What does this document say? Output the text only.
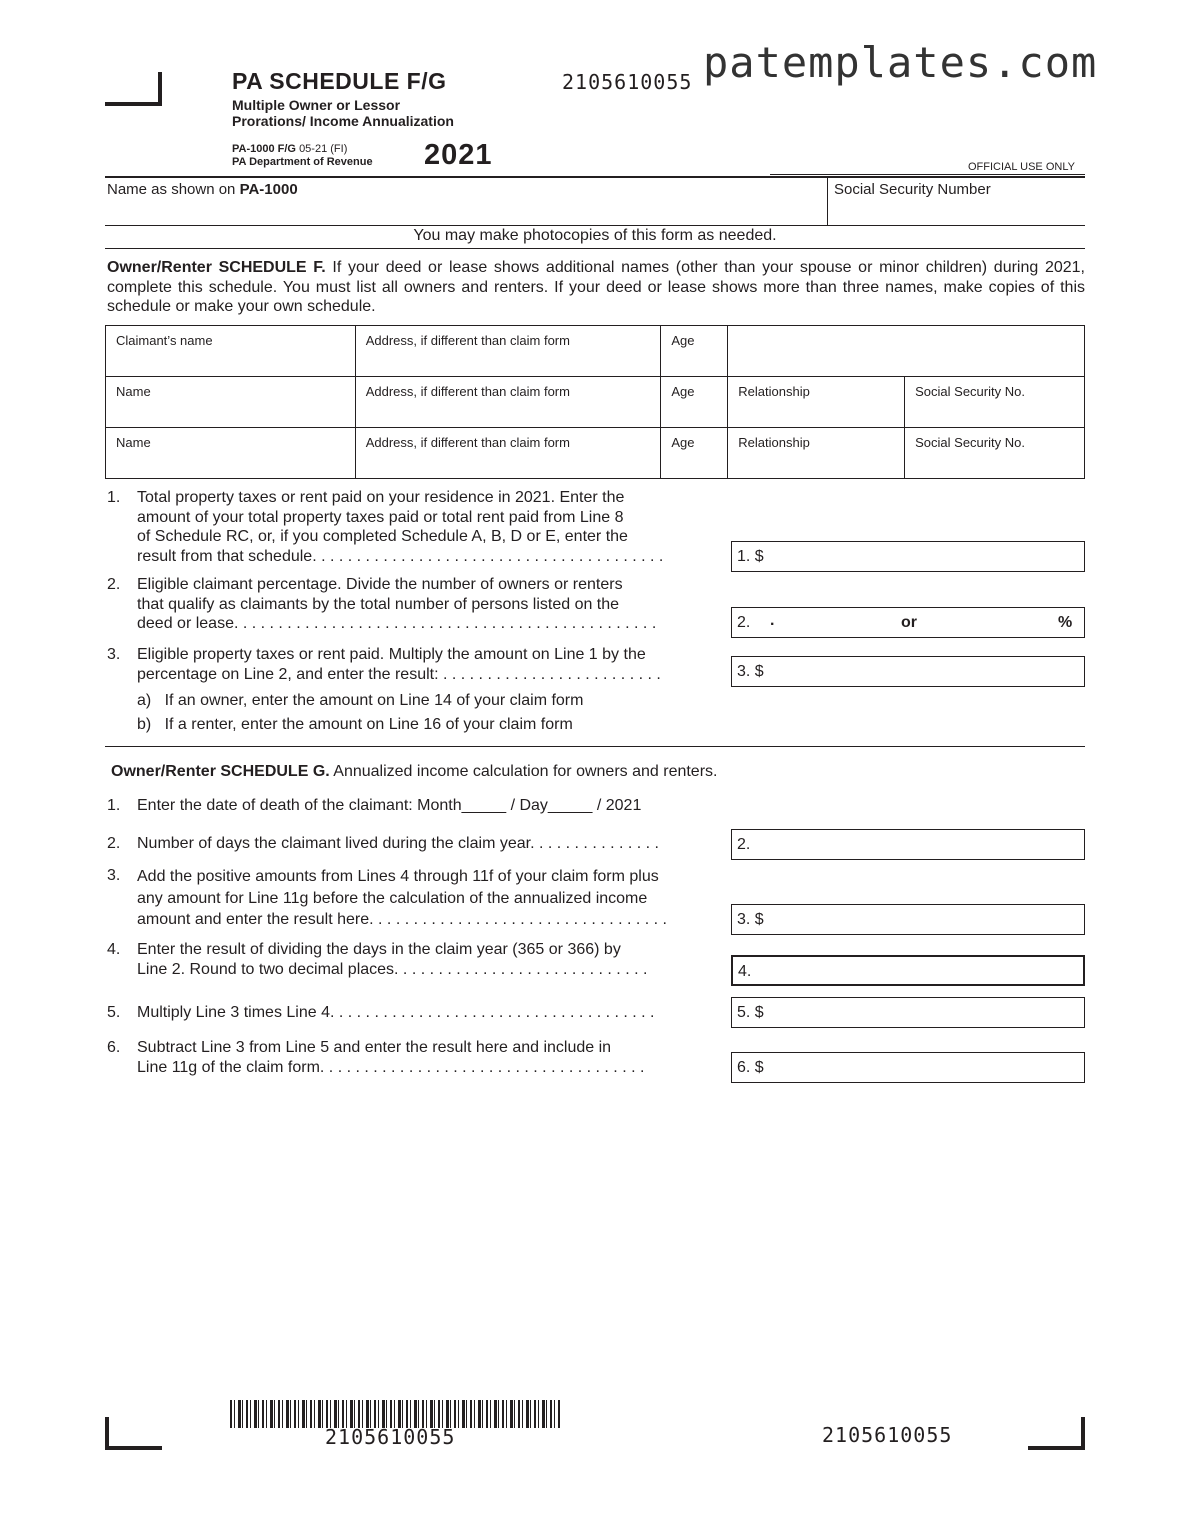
PA SCHEDULE F/G
Multiple Owner or Lessor
Prorations/ Income Annualization
PA-1000 F/G 05-21 (FI)
PA Department of Revenue 2021
2105610055 patemplates.com
OFFICIAL USE ONLY
Name as shown on PA-1000	Social Security Number
You may make photocopies of this form as needed.
Owner/Renter SCHEDULE F. If your deed or lease shows additional names (other than your spouse or minor children) during 2021, complete this schedule. You must list all owners and renters. If your deed or lease shows more than three names, make copies of this schedule or make your own schedule.
Claimant’s name	Address, if different than claim form	Age		
Name	Address, if different than claim form	Age	Relationship	Social Security No.
Name	Address, if different than claim form	Age	Relationship	Social Security No.
1.	Total property taxes or rent paid on your residence in 2021. Enter the
amount of your total property taxes paid or total rent paid from Line 8
of Schedule RC, or, if you completed Schedule A, B, D or E, enter the
result from that schedule. . . . . . . . . . . . . . . . . . . . . . . . . . . . . . . . . . . . . . . .	1. $
2.	Eligible claimant percentage. Divide the number of owners or renters
that qualify as claimants by the total number of persons listed on the
deed or lease. . . . . . . . . . . . . . . . . . . . . . . . . . . . . . . . . . . . . . . . . . . . . . . .	2. .	or	%
3.	Eligible property taxes or rent paid. Multiply the amount on Line 1 by the
percentage on Line 2, and enter the result: . . . . . . . . . . . . . . . . . . . . . . . . .	3. $
a)   If an owner, enter the amount on Line 14 of your claim form
b)   If a renter, enter the amount on Line 16 of your claim form
Owner/Renter SCHEDULE G. Annualized income calculation for owners and renters.
1.	Enter the date of death of the claimant: Month_____ / Day_____ / 2021
2.	Number of days the claimant lived during the claim year. . . . . . . . . . . . . . .	2.
3.	Add the positive amounts from Lines 4 through 11f of your claim form plus
any amount for Line 11g before the calculation of the annualized income
amount and enter the result here. . . . . . . . . . . . . . . . . . . . . . . . . . . . . . . . . .	3. $
4.	Enter the result of dividing the days in the claim year (365 or 366) by
Line 2. Round to two decimal places. . . . . . . . . . . . . . . . . . . . . . . . . . . . .	4.
5.	Multiply Line 3 times Line 4. . . . . . . . . . . . . . . . . . . . . . . . . . . . . . . . . . . . .	5. $
6.	Subtract Line 3 from Line 5 and enter the result here and include in
Line 11g of the claim form. . . . . . . . . . . . . . . . . . . . . . . . . . . . . . . . . . . . .	6. $
2105610055	2105610055
